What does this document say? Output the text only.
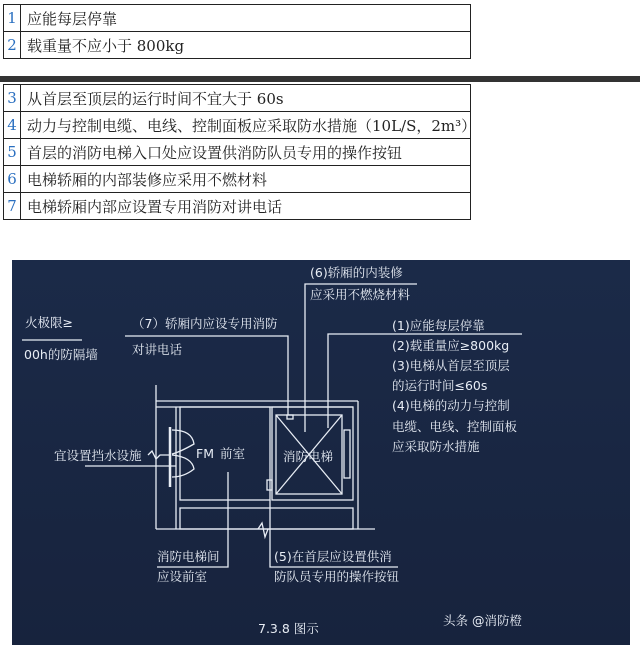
1	应能每层停靠
2	载重量不应小于 800kg
3	从首层至顶层的运行时间不宜大于 60s
4	动力与控制电缆、电线、控制面板应采取防水措施（10L/S，2m³）
5	首层的消防电梯入口处应设置供消防队员专用的操作按钮
6	电梯轿厢的内部装修应采用不燃材料
7	电梯轿厢内部应设置专用消防对讲电话
(6)轿厢的内装修
应采用不燃烧材料
火极限≥
00h的防隔墙
（7）轿厢内应设专用消防
对讲电话
(1)应能每层停靠
(2)载重量应≥800kg
(3)电梯从首层至顶层
的运行时间≤60s
(4)电梯的动力与控制
电缆、电线、控制面板
应采取防水措施
宜设置挡水设施	FM 前室	消防电梯
消防电梯间
应设前室
(5)在首层应设置供消
防队员专用的操作按钮
7.3.8 图示
头条 @消防橙
